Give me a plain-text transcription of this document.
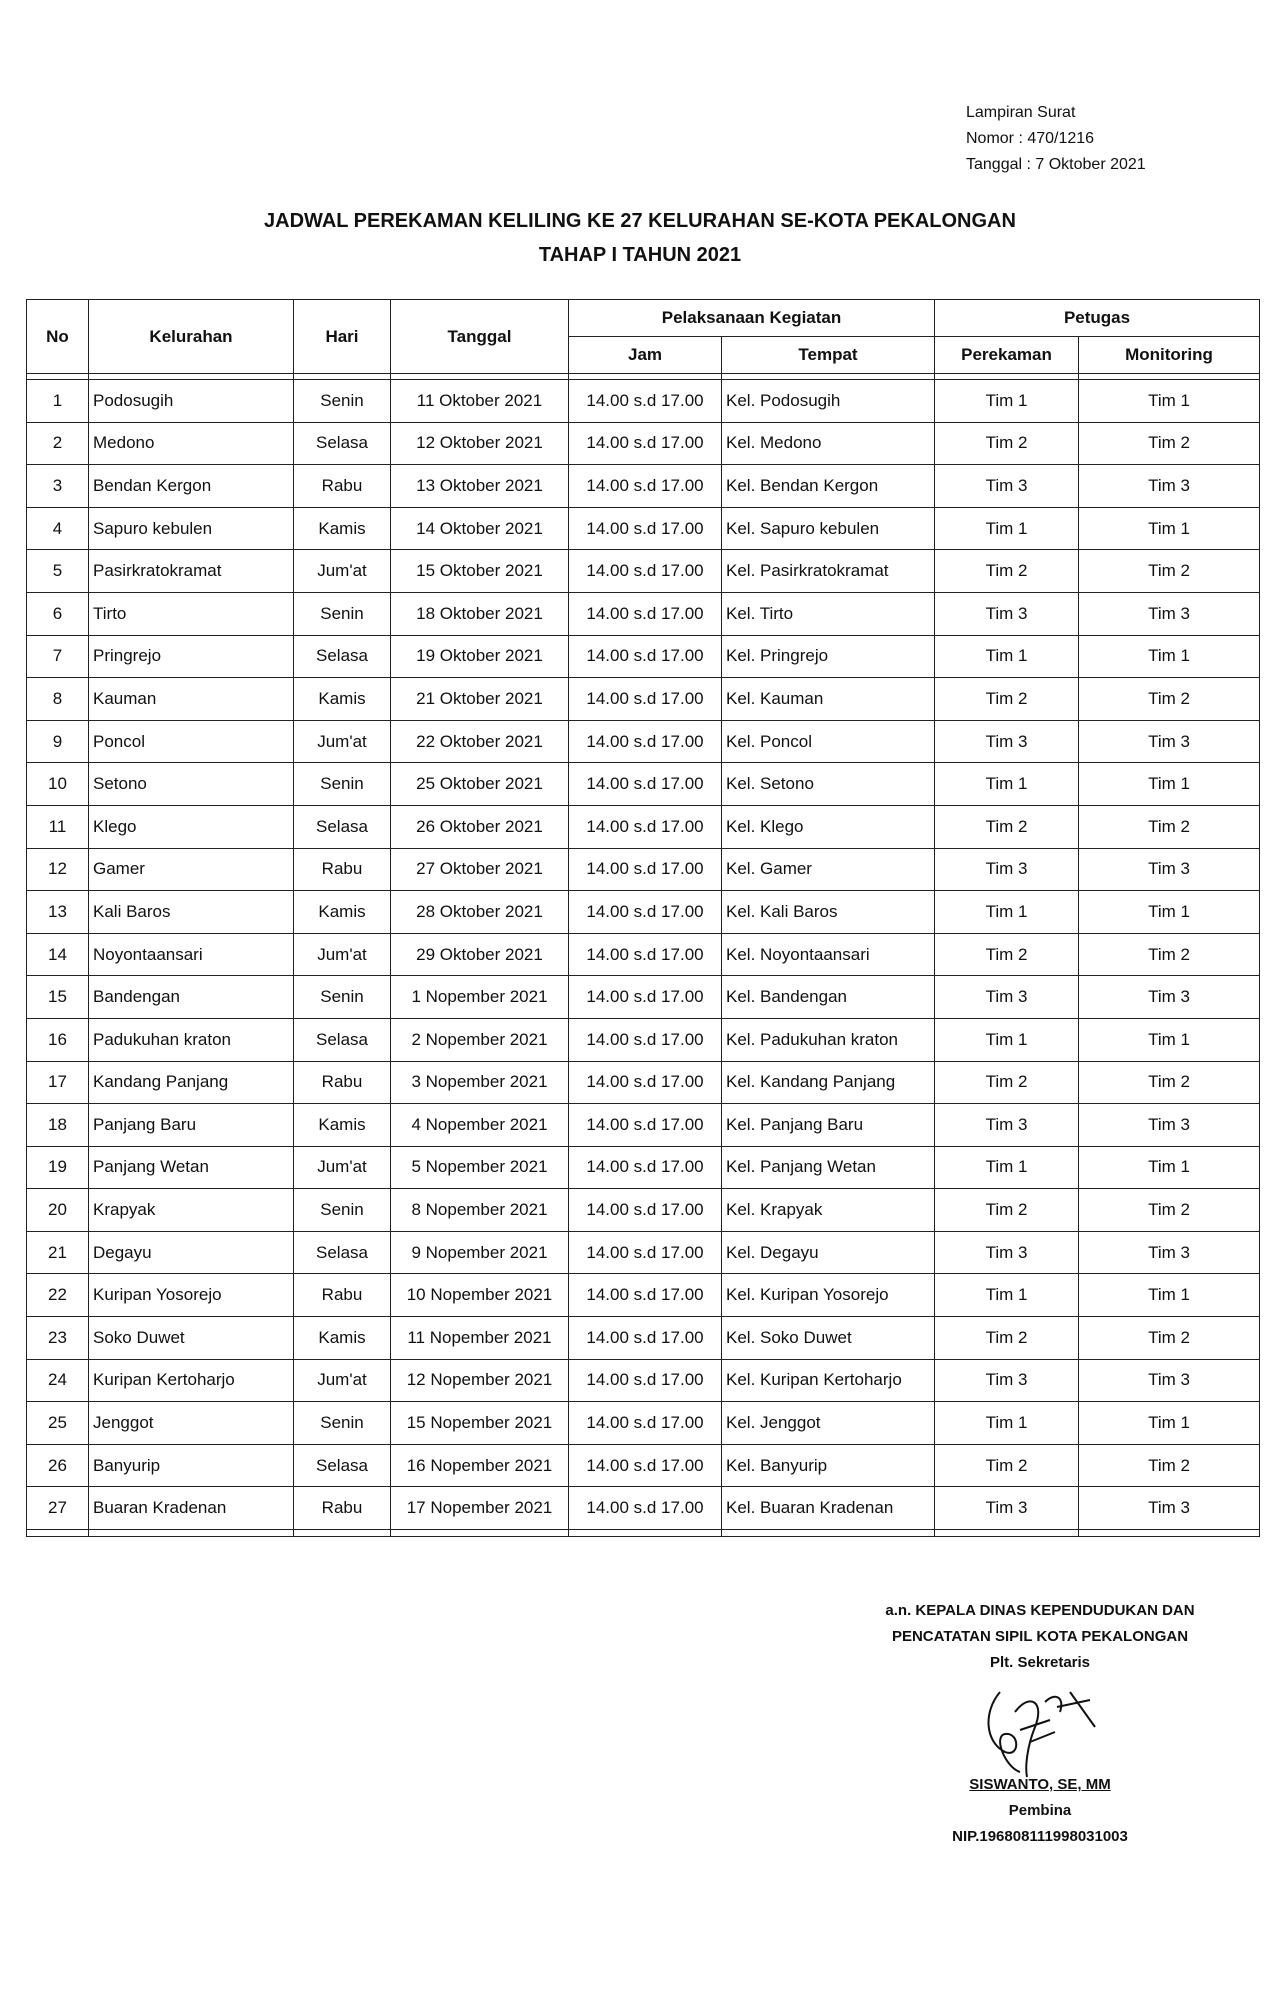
Lampiran Surat
Nomor : 470/1216
Tanggal : 7 Oktober 2021
JADWAL PEREKAMAN KELILING KE 27 KELURAHAN SE-KOTA PEKALONGAN
TAHAP I TAHUN 2021
No	Kelurahan	Hari	Tanggal	Pelaksanaan Kegiatan		Petugas	
				Jam	Tempat	Perekaman	Monitoring

1	Podosugih	Senin	11 Oktober 2021	14.00 s.d 17.00	Kel. Podosugih	Tim 1	Tim 1
2	Medono	Selasa	12 Oktober 2021	14.00 s.d 17.00	Kel. Medono	Tim 2	Tim 2
3	Bendan Kergon	Rabu	13 Oktober 2021	14.00 s.d 17.00	Kel. Bendan Kergon	Tim 3	Tim 3
4	Sapuro kebulen	Kamis	14 Oktober 2021	14.00 s.d 17.00	Kel. Sapuro kebulen	Tim 1	Tim 1
5	Pasirkratokramat	Jum'at	15 Oktober 2021	14.00 s.d 17.00	Kel. Pasirkratokramat	Tim 2	Tim 2
6	Tirto	Senin	18 Oktober 2021	14.00 s.d 17.00	Kel. Tirto	Tim 3	Tim 3
7	Pringrejo	Selasa	19 Oktober 2021	14.00 s.d 17.00	Kel. Pringrejo	Tim 1	Tim 1
8	Kauman	Kamis	21 Oktober 2021	14.00 s.d 17.00	Kel. Kauman	Tim 2	Tim 2
9	Poncol	Jum'at	22 Oktober 2021	14.00 s.d 17.00	Kel. Poncol	Tim 3	Tim 3
10	Setono	Senin	25 Oktober 2021	14.00 s.d 17.00	Kel. Setono	Tim 1	Tim 1
11	Klego	Selasa	26 Oktober 2021	14.00 s.d 17.00	Kel. Klego	Tim 2	Tim 2
12	Gamer	Rabu	27 Oktober 2021	14.00 s.d 17.00	Kel. Gamer	Tim 3	Tim 3
13	Kali Baros	Kamis	28 Oktober 2021	14.00 s.d 17.00	Kel. Kali Baros	Tim 1	Tim 1
14	Noyontaansari	Jum'at	29 Oktober 2021	14.00 s.d 17.00	Kel. Noyontaansari	Tim 2	Tim 2
15	Bandengan	Senin	1 Nopember 2021	14.00 s.d 17.00	Kel. Bandengan	Tim 3	Tim 3
16	Padukuhan kraton	Selasa	2 Nopember 2021	14.00 s.d 17.00	Kel. Padukuhan kraton	Tim 1	Tim 1
17	Kandang Panjang	Rabu	3 Nopember 2021	14.00 s.d 17.00	Kel. Kandang Panjang	Tim 2	Tim 2
18	Panjang Baru	Kamis	4 Nopember 2021	14.00 s.d 17.00	Kel. Panjang Baru	Tim 3	Tim 3
19	Panjang Wetan	Jum'at	5 Nopember 2021	14.00 s.d 17.00	Kel. Panjang Wetan	Tim 1	Tim 1
20	Krapyak	Senin	8 Nopember 2021	14.00 s.d 17.00	Kel. Krapyak	Tim 2	Tim 2
21	Degayu	Selasa	9 Nopember 2021	14.00 s.d 17.00	Kel. Degayu	Tim 3	Tim 3
22	Kuripan Yosorejo	Rabu	10 Nopember 2021	14.00 s.d 17.00	Kel. Kuripan Yosorejo	Tim 1	Tim 1
23	Soko Duwet	Kamis	11 Nopember 2021	14.00 s.d 17.00	Kel. Soko Duwet	Tim 2	Tim 2
24	Kuripan Kertoharjo	Jum'at	12 Nopember 2021	14.00 s.d 17.00	Kel. Kuripan Kertoharjo	Tim 3	Tim 3
25	Jenggot	Senin	15 Nopember 2021	14.00 s.d 17.00	Kel. Jenggot	Tim 1	Tim 1
26	Banyurip	Selasa	16 Nopember 2021	14.00 s.d 17.00	Kel. Banyurip	Tim 2	Tim 2
27	Buaran Kradenan	Rabu	17 Nopember 2021	14.00 s.d 17.00	Kel. Buaran Kradenan	Tim 3	Tim 3

a.n. KEPALA DINAS KEPENDUDUKAN DAN
PENCATATAN SIPIL KOTA PEKALONGAN
Plt. Sekretaris
SISWANTO, SE, MM
Pembina
NIP.196808111998031003
